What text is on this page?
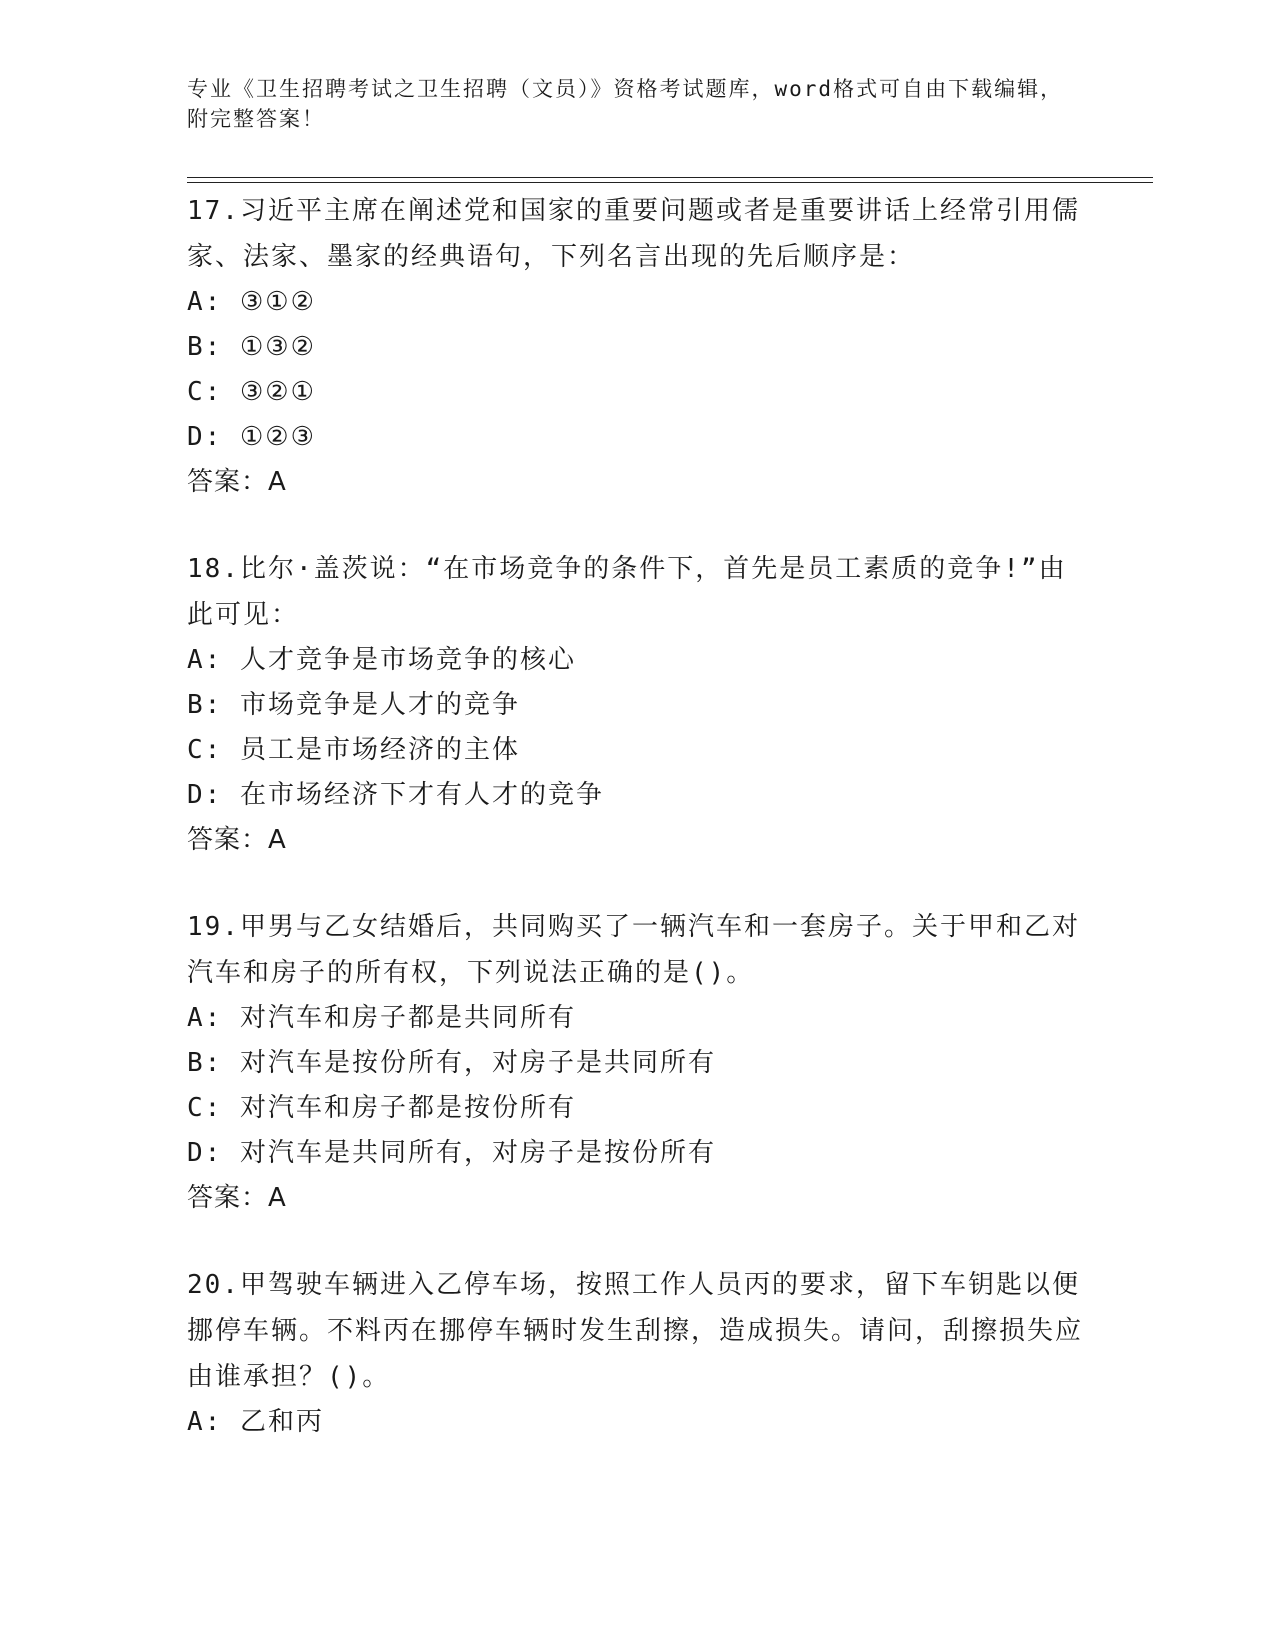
专业《卫生招聘考试之卫生招聘（文员）》资格考试题库，word格式可自由下载编辑，附完整答案！

17.习近平主席在阐述党和国家的重要问题或者是重要讲话上经常引用儒家、法家、墨家的经典语句，下列名言出现的先后顺序是：

A: ③①②

B: ①③②

C: ③②①

D: ①②③

答案：A

18.比尔·盖茨说：“在市场竞争的条件下，首先是员工素质的竞争!”由此可见：

A: 人才竞争是市场竞争的核心

B: 市场竞争是人才的竞争

C: 员工是市场经济的主体

D: 在市场经济下才有人才的竞争

答案：A

19.甲男与乙女结婚后，共同购买了一辆汽车和一套房子。关于甲和乙对汽车和房子的所有权，下列说法正确的是()。

A: 对汽车和房子都是共同所有

B: 对汽车是按份所有，对房子是共同所有

C: 对汽车和房子都是按份所有

D: 对汽车是共同所有，对房子是按份所有

答案：A

20.甲驾驶车辆进入乙停车场，按照工作人员丙的要求，留下车钥匙以便挪停车辆。不料丙在挪停车辆时发生刮擦，造成损失。请问，刮擦损失应由谁承担？()。

A: 乙和丙
